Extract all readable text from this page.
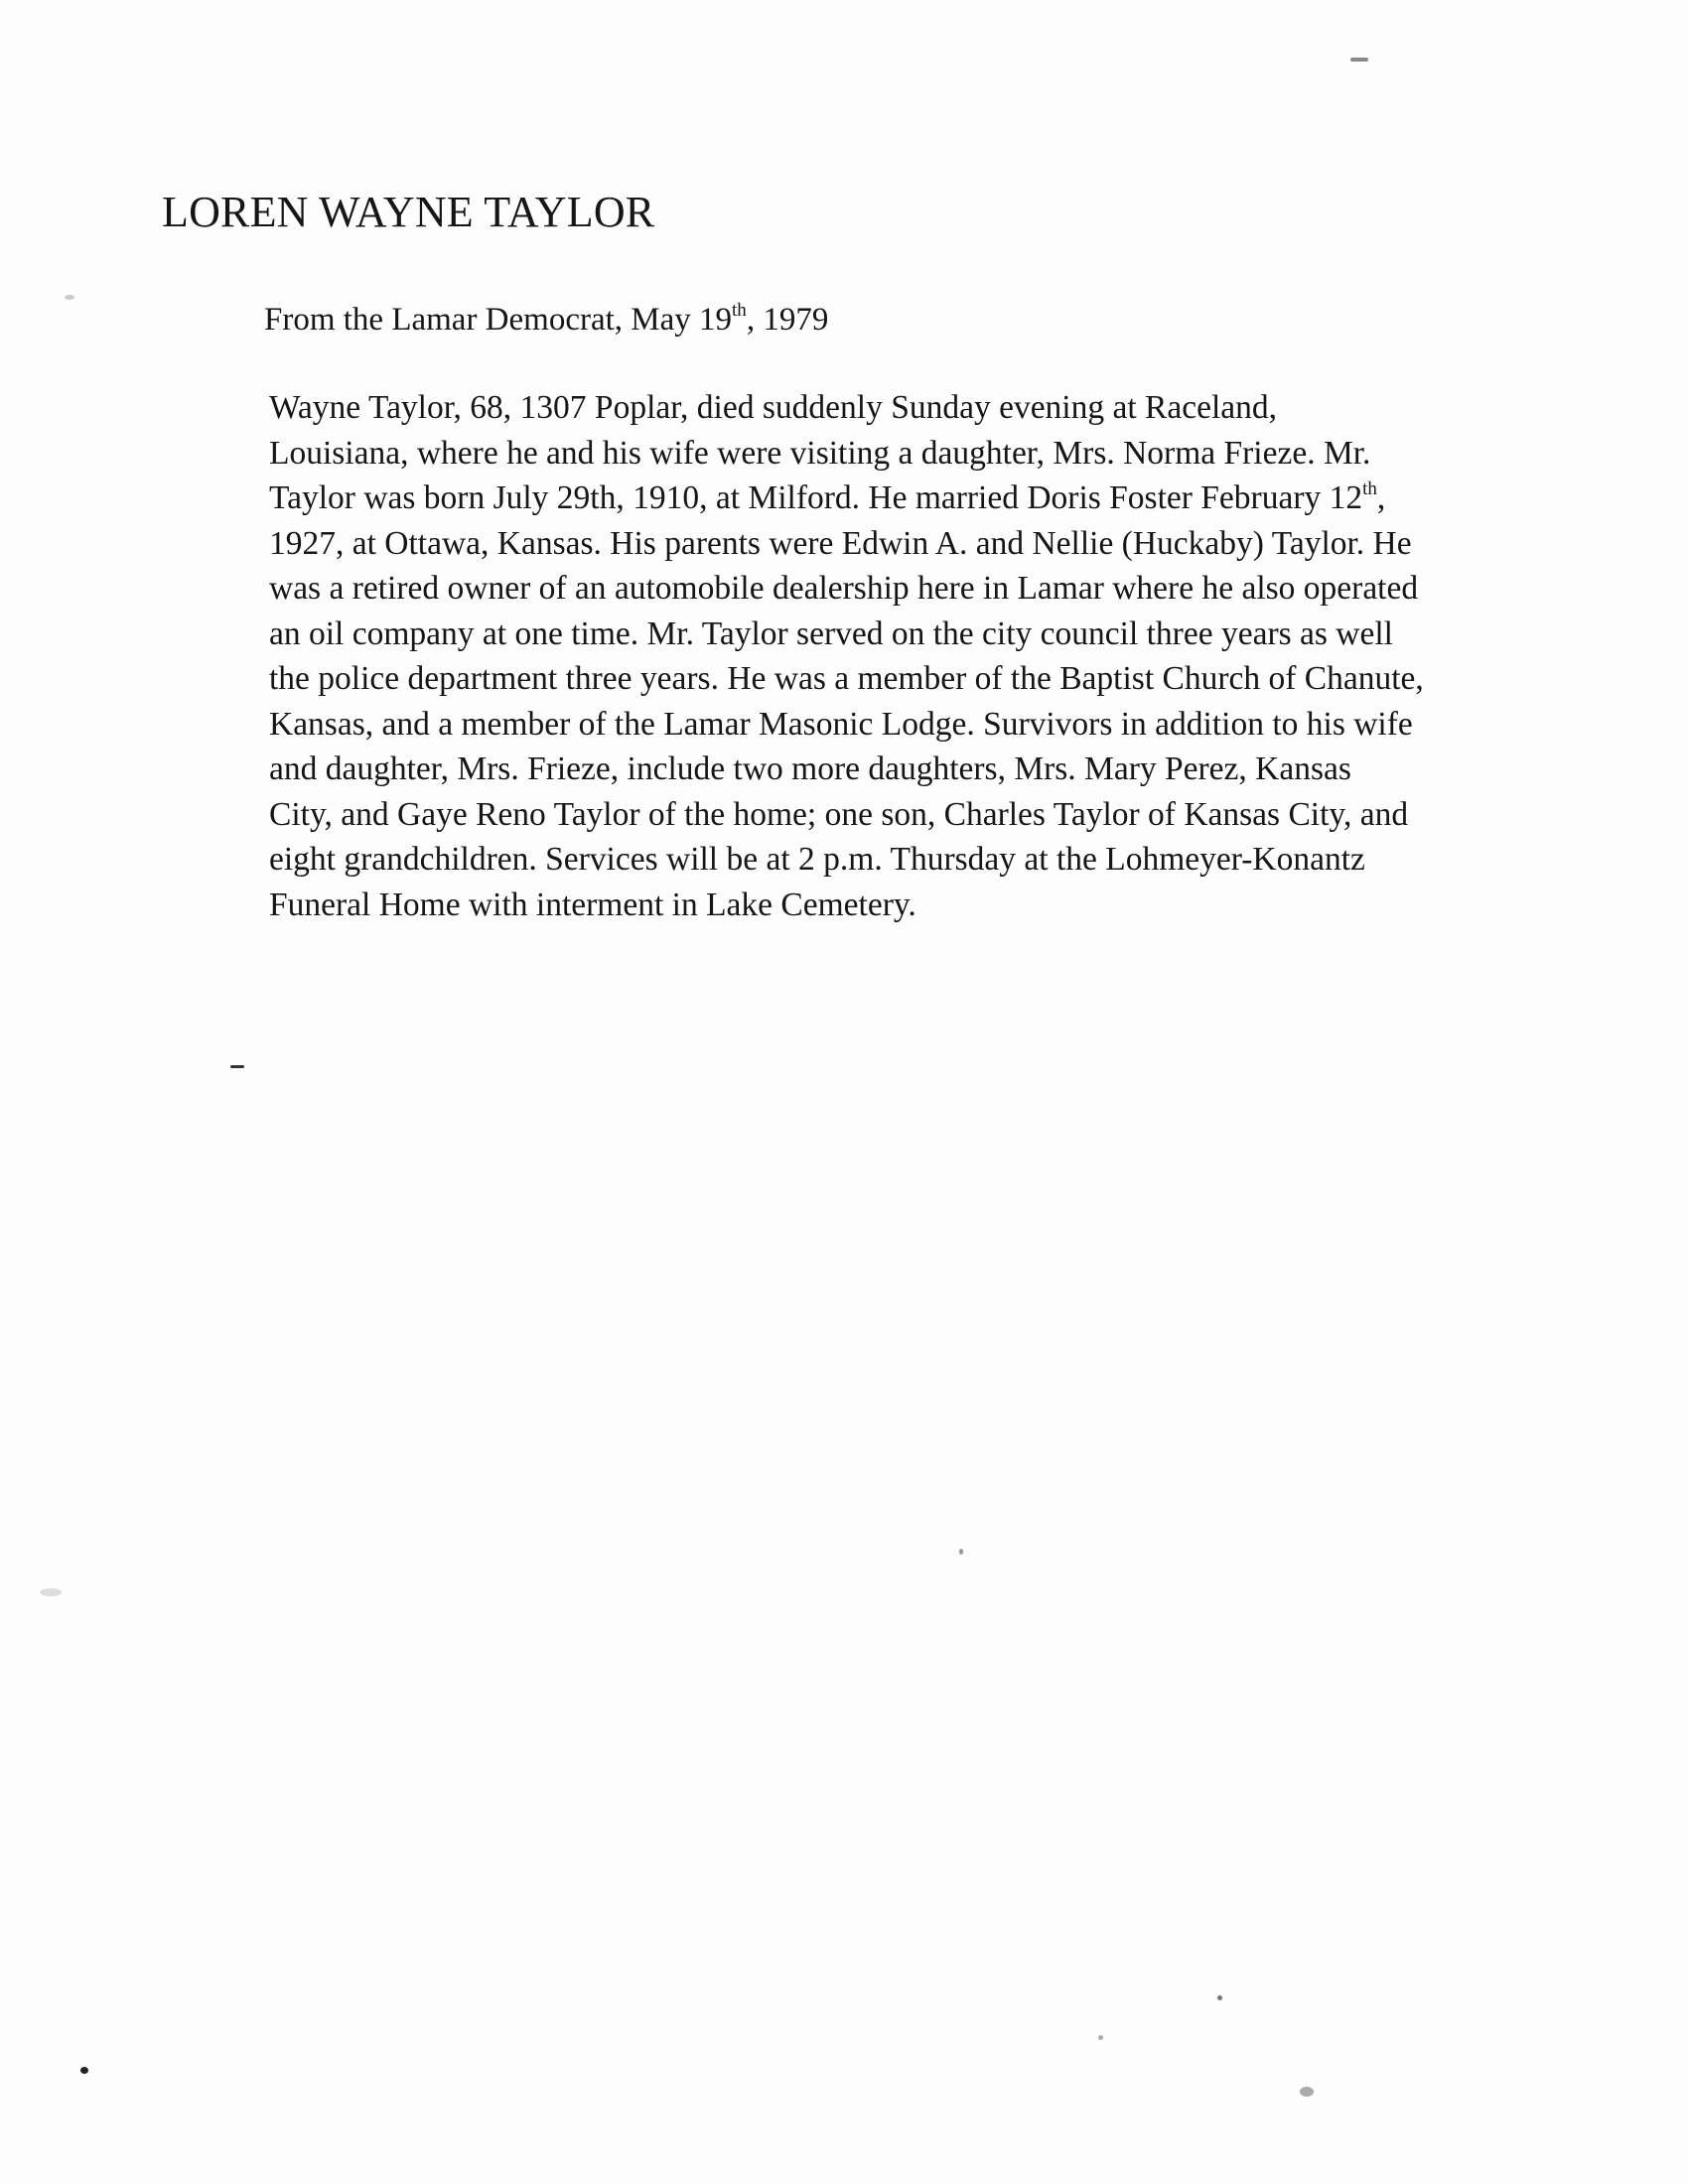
LOREN WAYNE TAYLOR
From the Lamar Democrat, May 19th, 1979
Wayne Taylor, 68, 1307 Poplar, died suddenly Sunday evening at Raceland,
Louisiana, where he and his wife were visiting a daughter, Mrs. Norma Frieze. Mr.
Taylor was born July 29th, 1910, at Milford. He married Doris Foster February 12th,
1927, at Ottawa, Kansas. His parents were Edwin A. and Nellie (Huckaby) Taylor. He
was a retired owner of an automobile dealership here in Lamar where he also operated
an oil company at one time. Mr. Taylor served on the city council three years as well
the police department three years. He was a member of the Baptist Church of Chanute,
Kansas, and a member of the Lamar Masonic Lodge. Survivors in addition to his wife
and daughter, Mrs. Frieze, include two more daughters, Mrs. Mary Perez, Kansas
City, and Gaye Reno Taylor of the home; one son, Charles Taylor of Kansas City, and
eight grandchildren. Services will be at 2 p.m. Thursday at the Lohmeyer-Konantz
Funeral Home with interment in Lake Cemetery.
